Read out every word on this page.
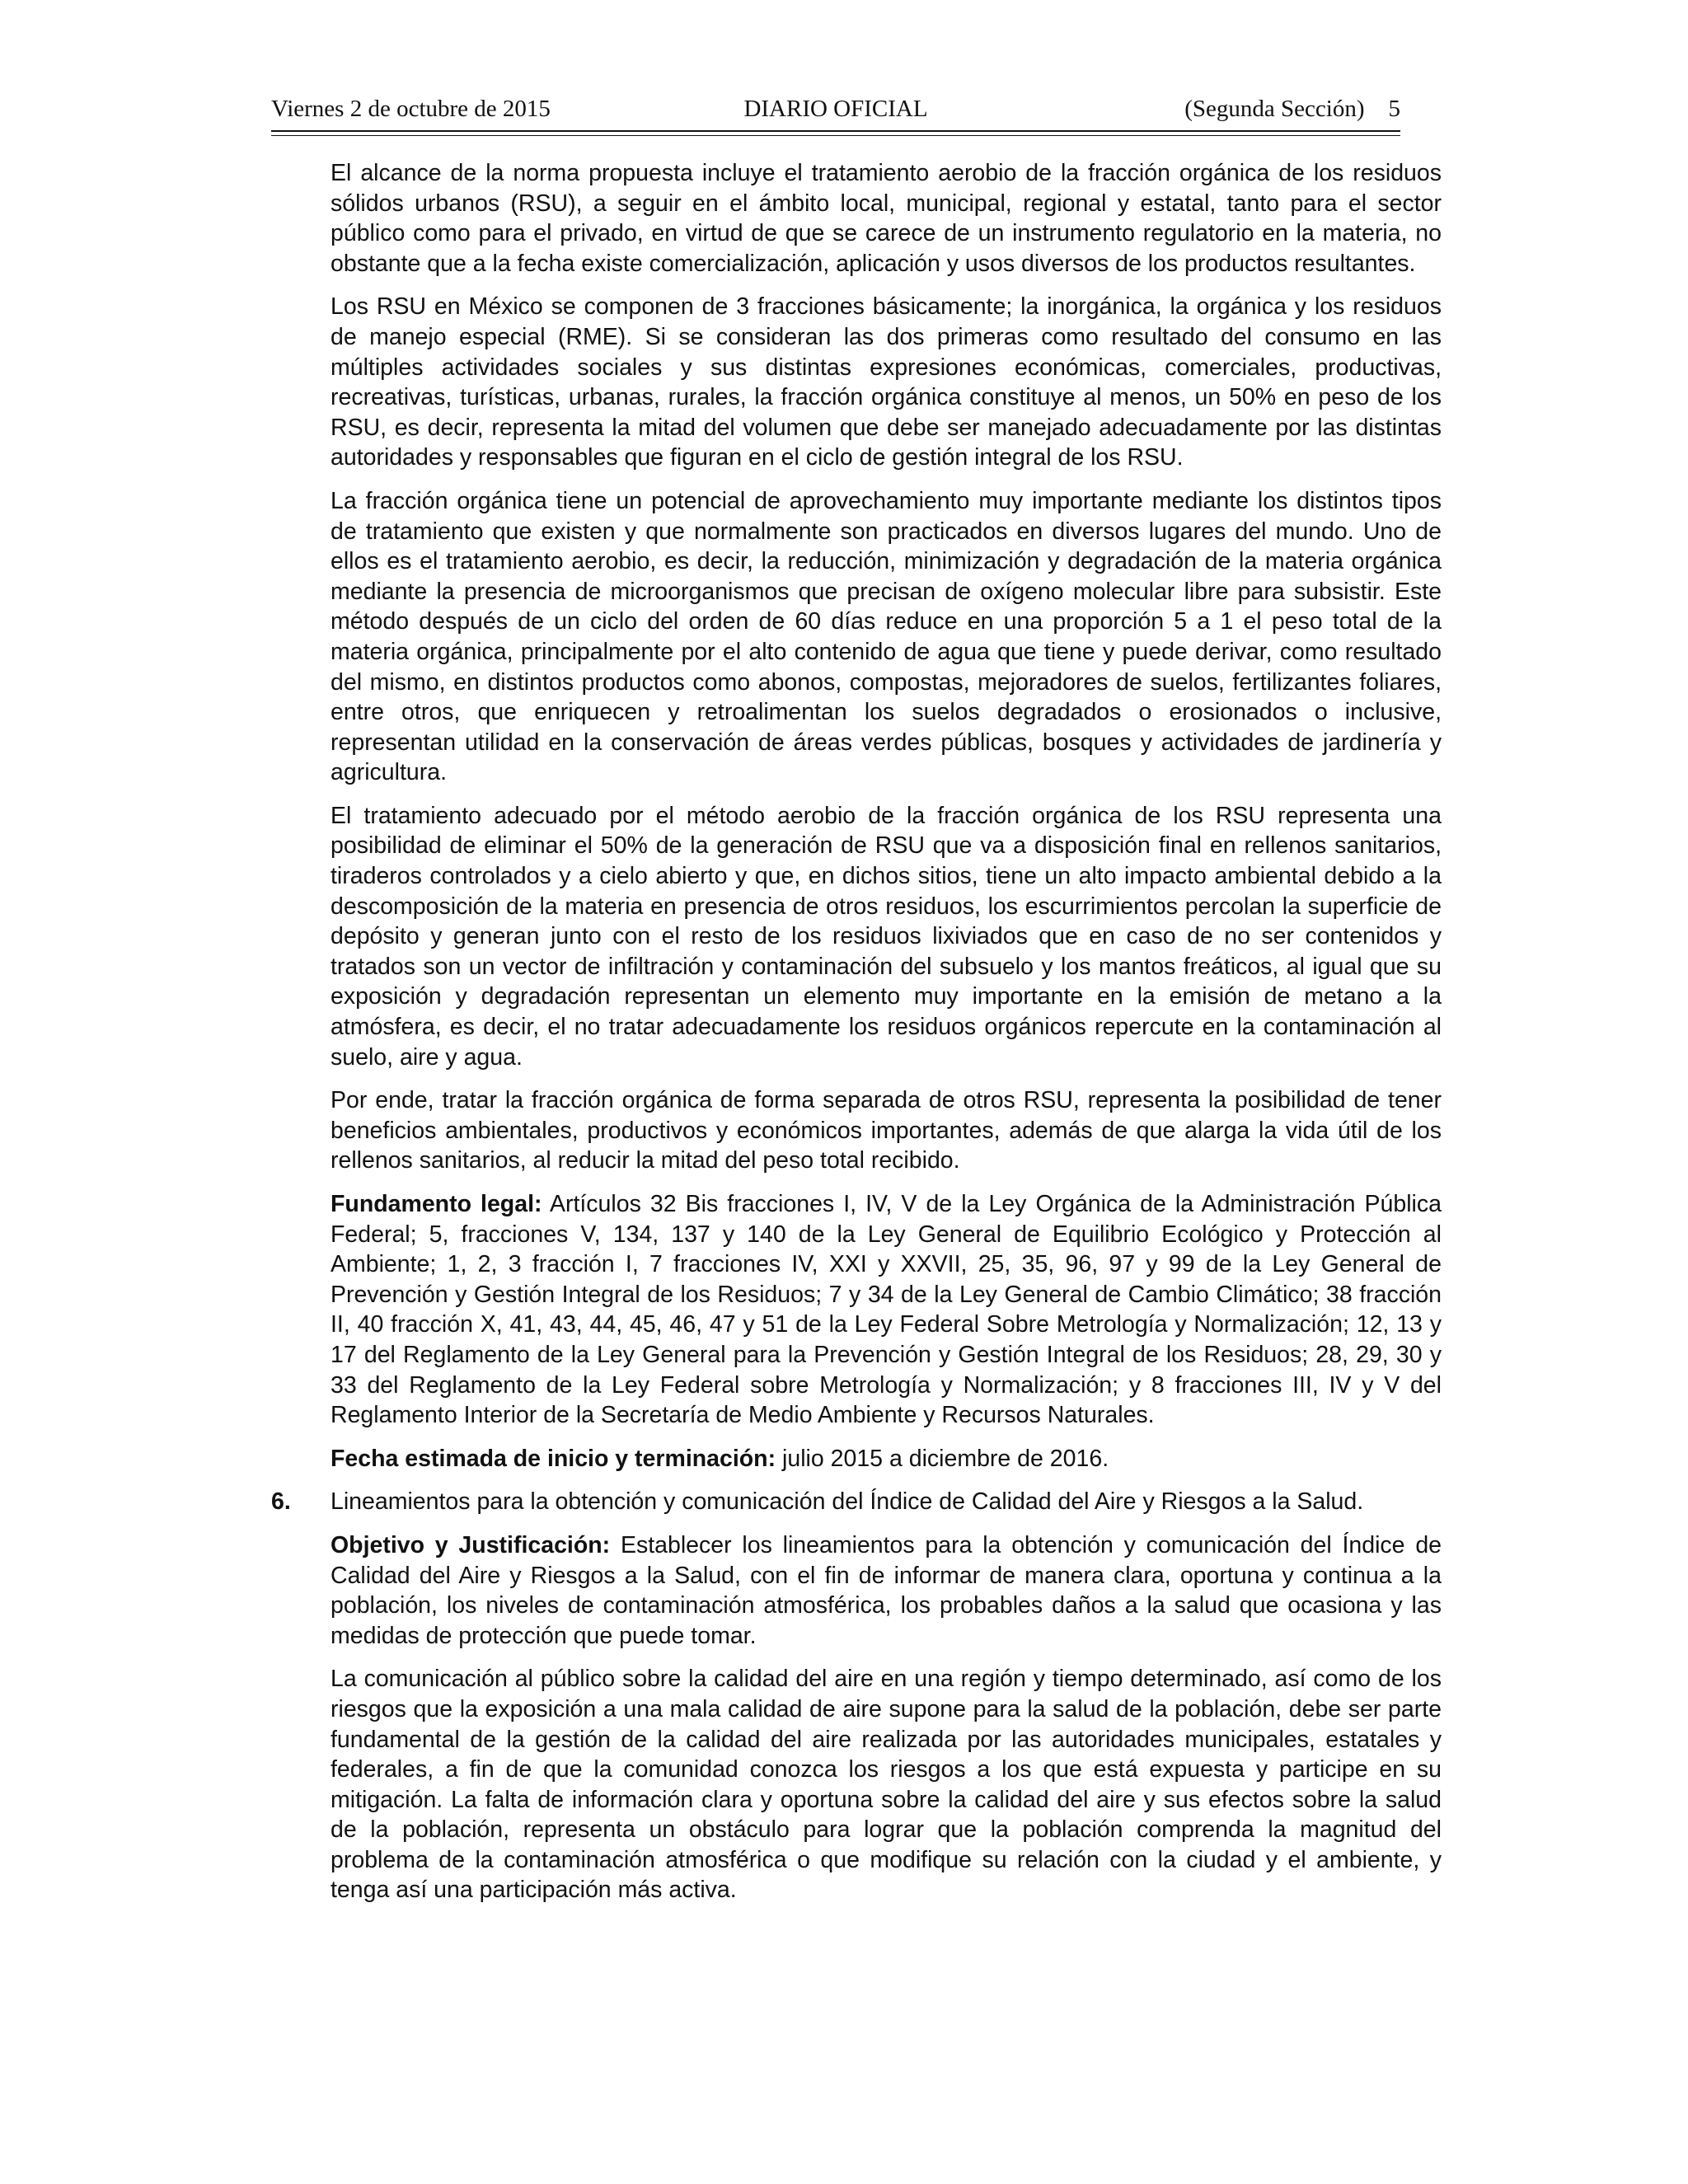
Viernes 2 de octubre de 2015	DIARIO OFICIAL	(Segunda Sección) 5

El alcance de la norma propuesta incluye el tratamiento aerobio de la fracción orgánica de los residuos sólidos urbanos (RSU), a seguir en el ámbito local, municipal, regional y estatal, tanto para el sector público como para el privado, en virtud de que se carece de un instrumento regulatorio en la materia, no obstante que a la fecha existe comercialización, aplicación y usos diversos de los productos resultantes.

Los RSU en México se componen de 3 fracciones básicamente; la inorgánica, la orgánica y los residuos de manejo especial (RME). Si se consideran las dos primeras como resultado del consumo en las múltiples actividades sociales y sus distintas expresiones económicas, comerciales, productivas, recreativas, turísticas, urbanas, rurales, la fracción orgánica constituye al menos, un 50% en peso de los RSU, es decir, representa la mitad del volumen que debe ser manejado adecuadamente por las distintas autoridades y responsables que figuran en el ciclo de gestión integral de los RSU.

La fracción orgánica tiene un potencial de aprovechamiento muy importante mediante los distintos tipos de tratamiento que existen y que normalmente son practicados en diversos lugares del mundo. Uno de ellos es el tratamiento aerobio, es decir, la reducción, minimización y degradación de la materia orgánica mediante la presencia de microorganismos que precisan de oxígeno molecular libre para subsistir. Este método después de un ciclo del orden de 60 días reduce en una proporción 5 a 1 el peso total de la materia orgánica, principalmente por el alto contenido de agua que tiene y puede derivar, como resultado del mismo, en distintos productos como abonos, compostas, mejoradores de suelos, fertilizantes foliares, entre otros, que enriquecen y retroalimentan los suelos degradados o erosionados o inclusive, representan utilidad en la conservación de áreas verdes públicas, bosques y actividades de jardinería y agricultura.

El tratamiento adecuado por el método aerobio de la fracción orgánica de los RSU representa una posibilidad de eliminar el 50% de la generación de RSU que va a disposición final en rellenos sanitarios, tiraderos controlados y a cielo abierto y que, en dichos sitios, tiene un alto impacto ambiental debido a la descomposición de la materia en presencia de otros residuos, los escurrimientos percolan la superficie de depósito y generan junto con el resto de los residuos lixiviados que en caso de no ser contenidos y tratados son un vector de infiltración y contaminación del subsuelo y los mantos freáticos, al igual que su exposición y degradación representan un elemento muy importante en la emisión de metano a la atmósfera, es decir, el no tratar adecuadamente los residuos orgánicos repercute en la contaminación al suelo, aire y agua.

Por ende, tratar la fracción orgánica de forma separada de otros RSU, representa la posibilidad de tener beneficios ambientales, productivos y económicos importantes, además de que alarga la vida útil de los rellenos sanitarios, al reducir la mitad del peso total recibido.

Fundamento legal: Artículos 32 Bis fracciones I, IV, V de la Ley Orgánica de la Administración Pública Federal; 5, fracciones V, 134, 137 y 140 de la Ley General de Equilibrio Ecológico y Protección al Ambiente; 1, 2, 3 fracción I, 7 fracciones IV, XXI y XXVII, 25, 35, 96, 97 y 99 de la Ley General de Prevención y Gestión Integral de los Residuos; 7 y 34 de la Ley General de Cambio Climático; 38 fracción II, 40 fracción X, 41, 43, 44, 45, 46, 47 y 51 de la Ley Federal Sobre Metrología y Normalización; 12, 13 y 17 del Reglamento de la Ley General para la Prevención y Gestión Integral de los Residuos; 28, 29, 30 y 33 del Reglamento de la Ley Federal sobre Metrología y Normalización; y 8 fracciones III, IV y V del Reglamento Interior de la Secretaría de Medio Ambiente y Recursos Naturales.

Fecha estimada de inicio y terminación: julio 2015 a diciembre de 2016.

6. Lineamientos para la obtención y comunicación del Índice de Calidad del Aire y Riesgos a la Salud.

Objetivo y Justificación: Establecer los lineamientos para la obtención y comunicación del Índice de Calidad del Aire y Riesgos a la Salud, con el fin de informar de manera clara, oportuna y continua a la población, los niveles de contaminación atmosférica, los probables daños a la salud que ocasiona y las medidas de protección que puede tomar.

La comunicación al público sobre la calidad del aire en una región y tiempo determinado, así como de los riesgos que la exposición a una mala calidad de aire supone para la salud de la población, debe ser parte fundamental de la gestión de la calidad del aire realizada por las autoridades municipales, estatales y federales, a fin de que la comunidad conozca los riesgos a los que está expuesta y participe en su mitigación. La falta de información clara y oportuna sobre la calidad del aire y sus efectos sobre la salud de la población, representa un obstáculo para lograr que la población comprenda la magnitud del problema de la contaminación atmosférica o que modifique su relación con la ciudad y el ambiente, y tenga así una participación más activa.
